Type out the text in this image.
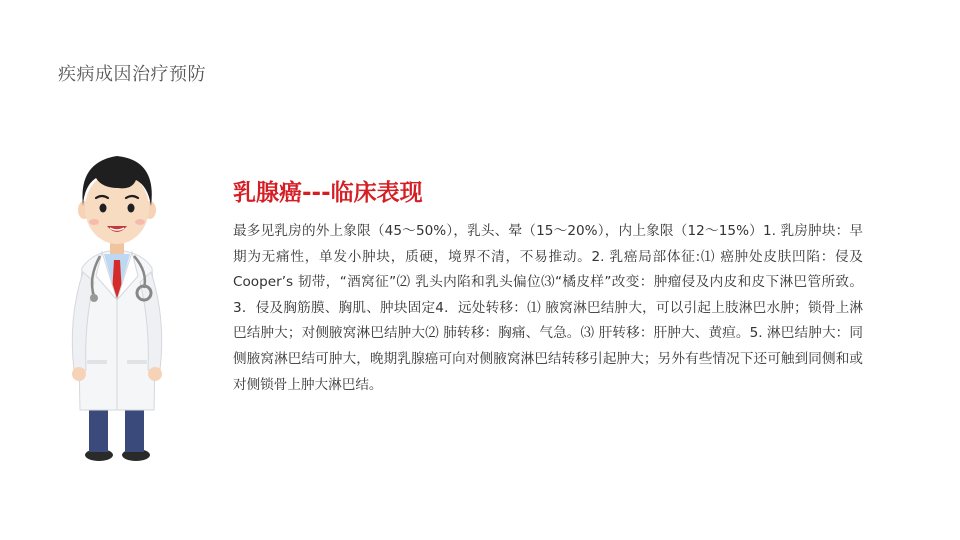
疾病成因治疗预防
乳腺癌---临床表现

最多见乳房的外上象限（45～50%），乳头、晕（15～20%），内上象限（12～15%）1. 乳房肿块：早期为无痛性，单发小肿块，质硬，境界不清，不易推动。2. 乳癌局部体征:⑴ 癌肿处皮肤凹陷：侵及Cooper’s 韧带，“酒窝征”⑵ 乳头内陷和乳头偏位⑶“橘皮样”改变：肿瘤侵及内皮和皮下淋巴管所致。3．侵及胸筋膜、胸肌、肿块固定4．远处转移：⑴ 腋窝淋巴结肿大，可以引起上肢淋巴水肿；锁骨上淋巴结肿大；对侧腋窝淋巴结肿大⑵ 肺转移：胸痛、气急。⑶ 肝转移：肝肿大、黄疸。5. 淋巴结肿大：同侧腋窝淋巴结可肿大，晚期乳腺癌可向对侧腋窝淋巴结转移引起肿大；另外有些情况下还可触到同侧和或对侧锁骨上肿大淋巴结。
